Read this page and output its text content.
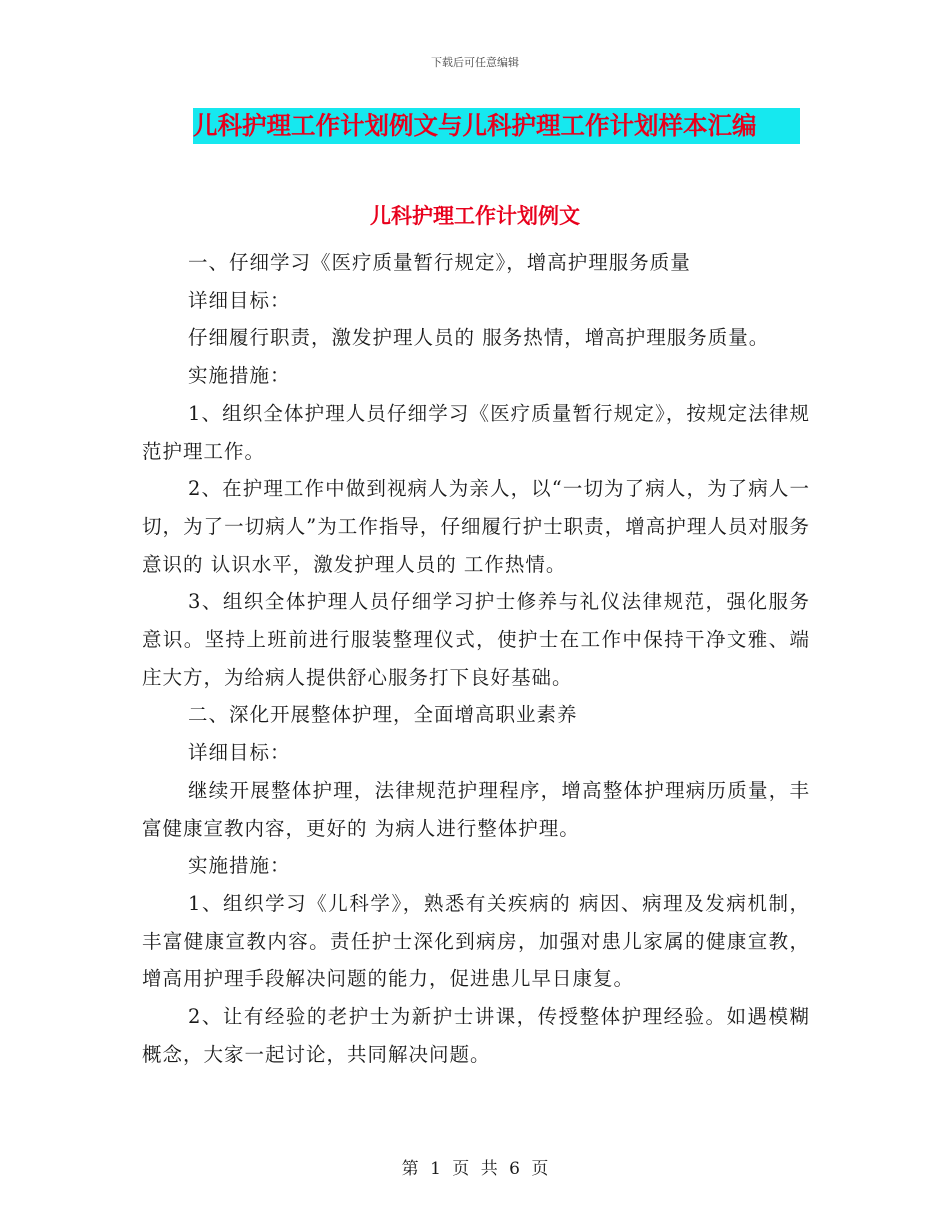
下载后可任意编辑
儿科护理工作计划例文与儿科护理工作计划样本汇编
儿科护理工作计划例文

一、仔细学习《医疗质量暂行规定》，增高护理服务质量

详细目标：

仔细履行职责，激发护理人员的 服务热情，增高护理服务质量。

实施措施：

1、组织全体护理人员仔细学习《医疗质量暂行规定》，按规定法律规范护理工作。

2、在护理工作中做到视病人为亲人，以“一切为了病人，为了病人一切，为了一切病人”为工作指导，仔细履行护士职责，增高护理人员对服务意识的 认识水平，激发护理人员的 工作热情。

3、组织全体护理人员仔细学习护士修养与礼仪法律规范，强化服务意识。坚持上班前进行服装整理仪式，使护士在工作中保持干净文雅、端庄大方，为给病人提供舒心服务打下良好基础。

二、深化开展整体护理，全面增高职业素养

详细目标：

继续开展整体护理，法律规范护理程序，增高整体护理病历质量，丰富健康宣教内容，更好的 为病人进行整体护理。

实施措施：

1、组织学习《儿科学》，熟悉有关疾病的 病因、病理及发病机制，丰富健康宣教内容。责任护士深化到病房，加强对患儿家属的健康宣教，增高用护理手段解决问题的能力，促进患儿早日康复。

2、让有经验的老护士为新护士讲课，传授整体护理经验。如遇模糊概念，大家一起讨论，共同解决问题。

第 1 页 共 6 页
